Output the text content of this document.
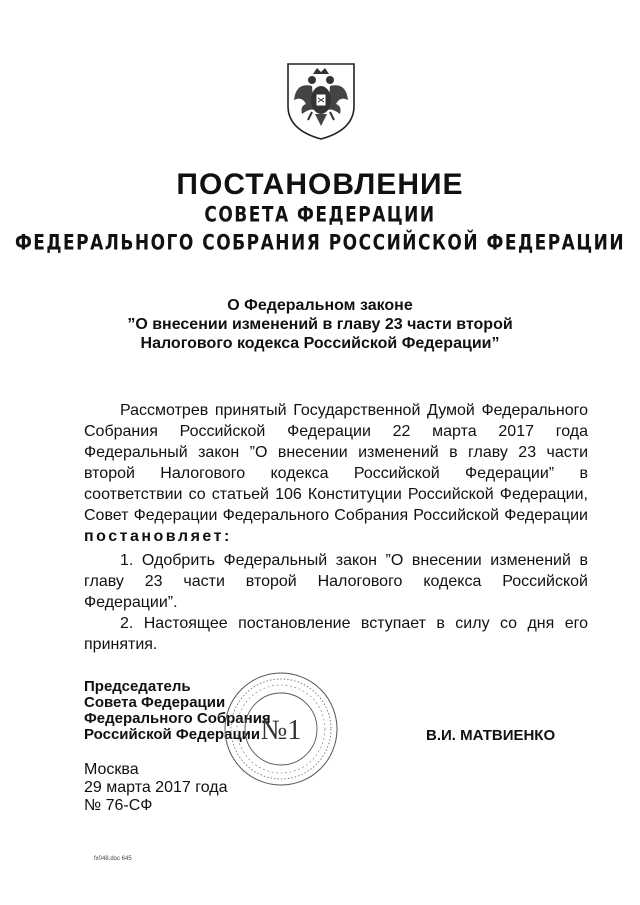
ПОСТАНОВЛЕНИЕ
СОВЕТА ФЕДЕРАЦИИ
ФЕДЕРАЛЬНОГО СОБРАНИЯ РОССИЙСКОЙ ФЕДЕРАЦИИ
О Федеральном законе
”О внесении изменений в главу 23 части второй
Налогового кодекса Российской Федерации”
Рассмотрев принятый Государственной Думой Федерального
Собрания Российской Федерации 22 марта 2017 года
Федеральный закон ”О внесении изменений в главу 23 части
второй Налогового кодекса Российской Федерации” в
соответствии со статьей 106 Конституции Российской Федерации,
Совет Федерации Федерального Собрания Российской Федерации
постановляет:
1. Одобрить Федеральный закон ”О внесении изменений в
главу 23 части второй Налогового кодекса Российской
Федерации”.
2. Настоящее постановление вступает в силу со дня его
принятия.
Председатель
Совета Федерации
Федерального Собрания
Российской Федерации №1	В.И. МАТВИЕНКО
Москва
29 марта 2017 года
№ 76-СФ
fx048.doc 645
